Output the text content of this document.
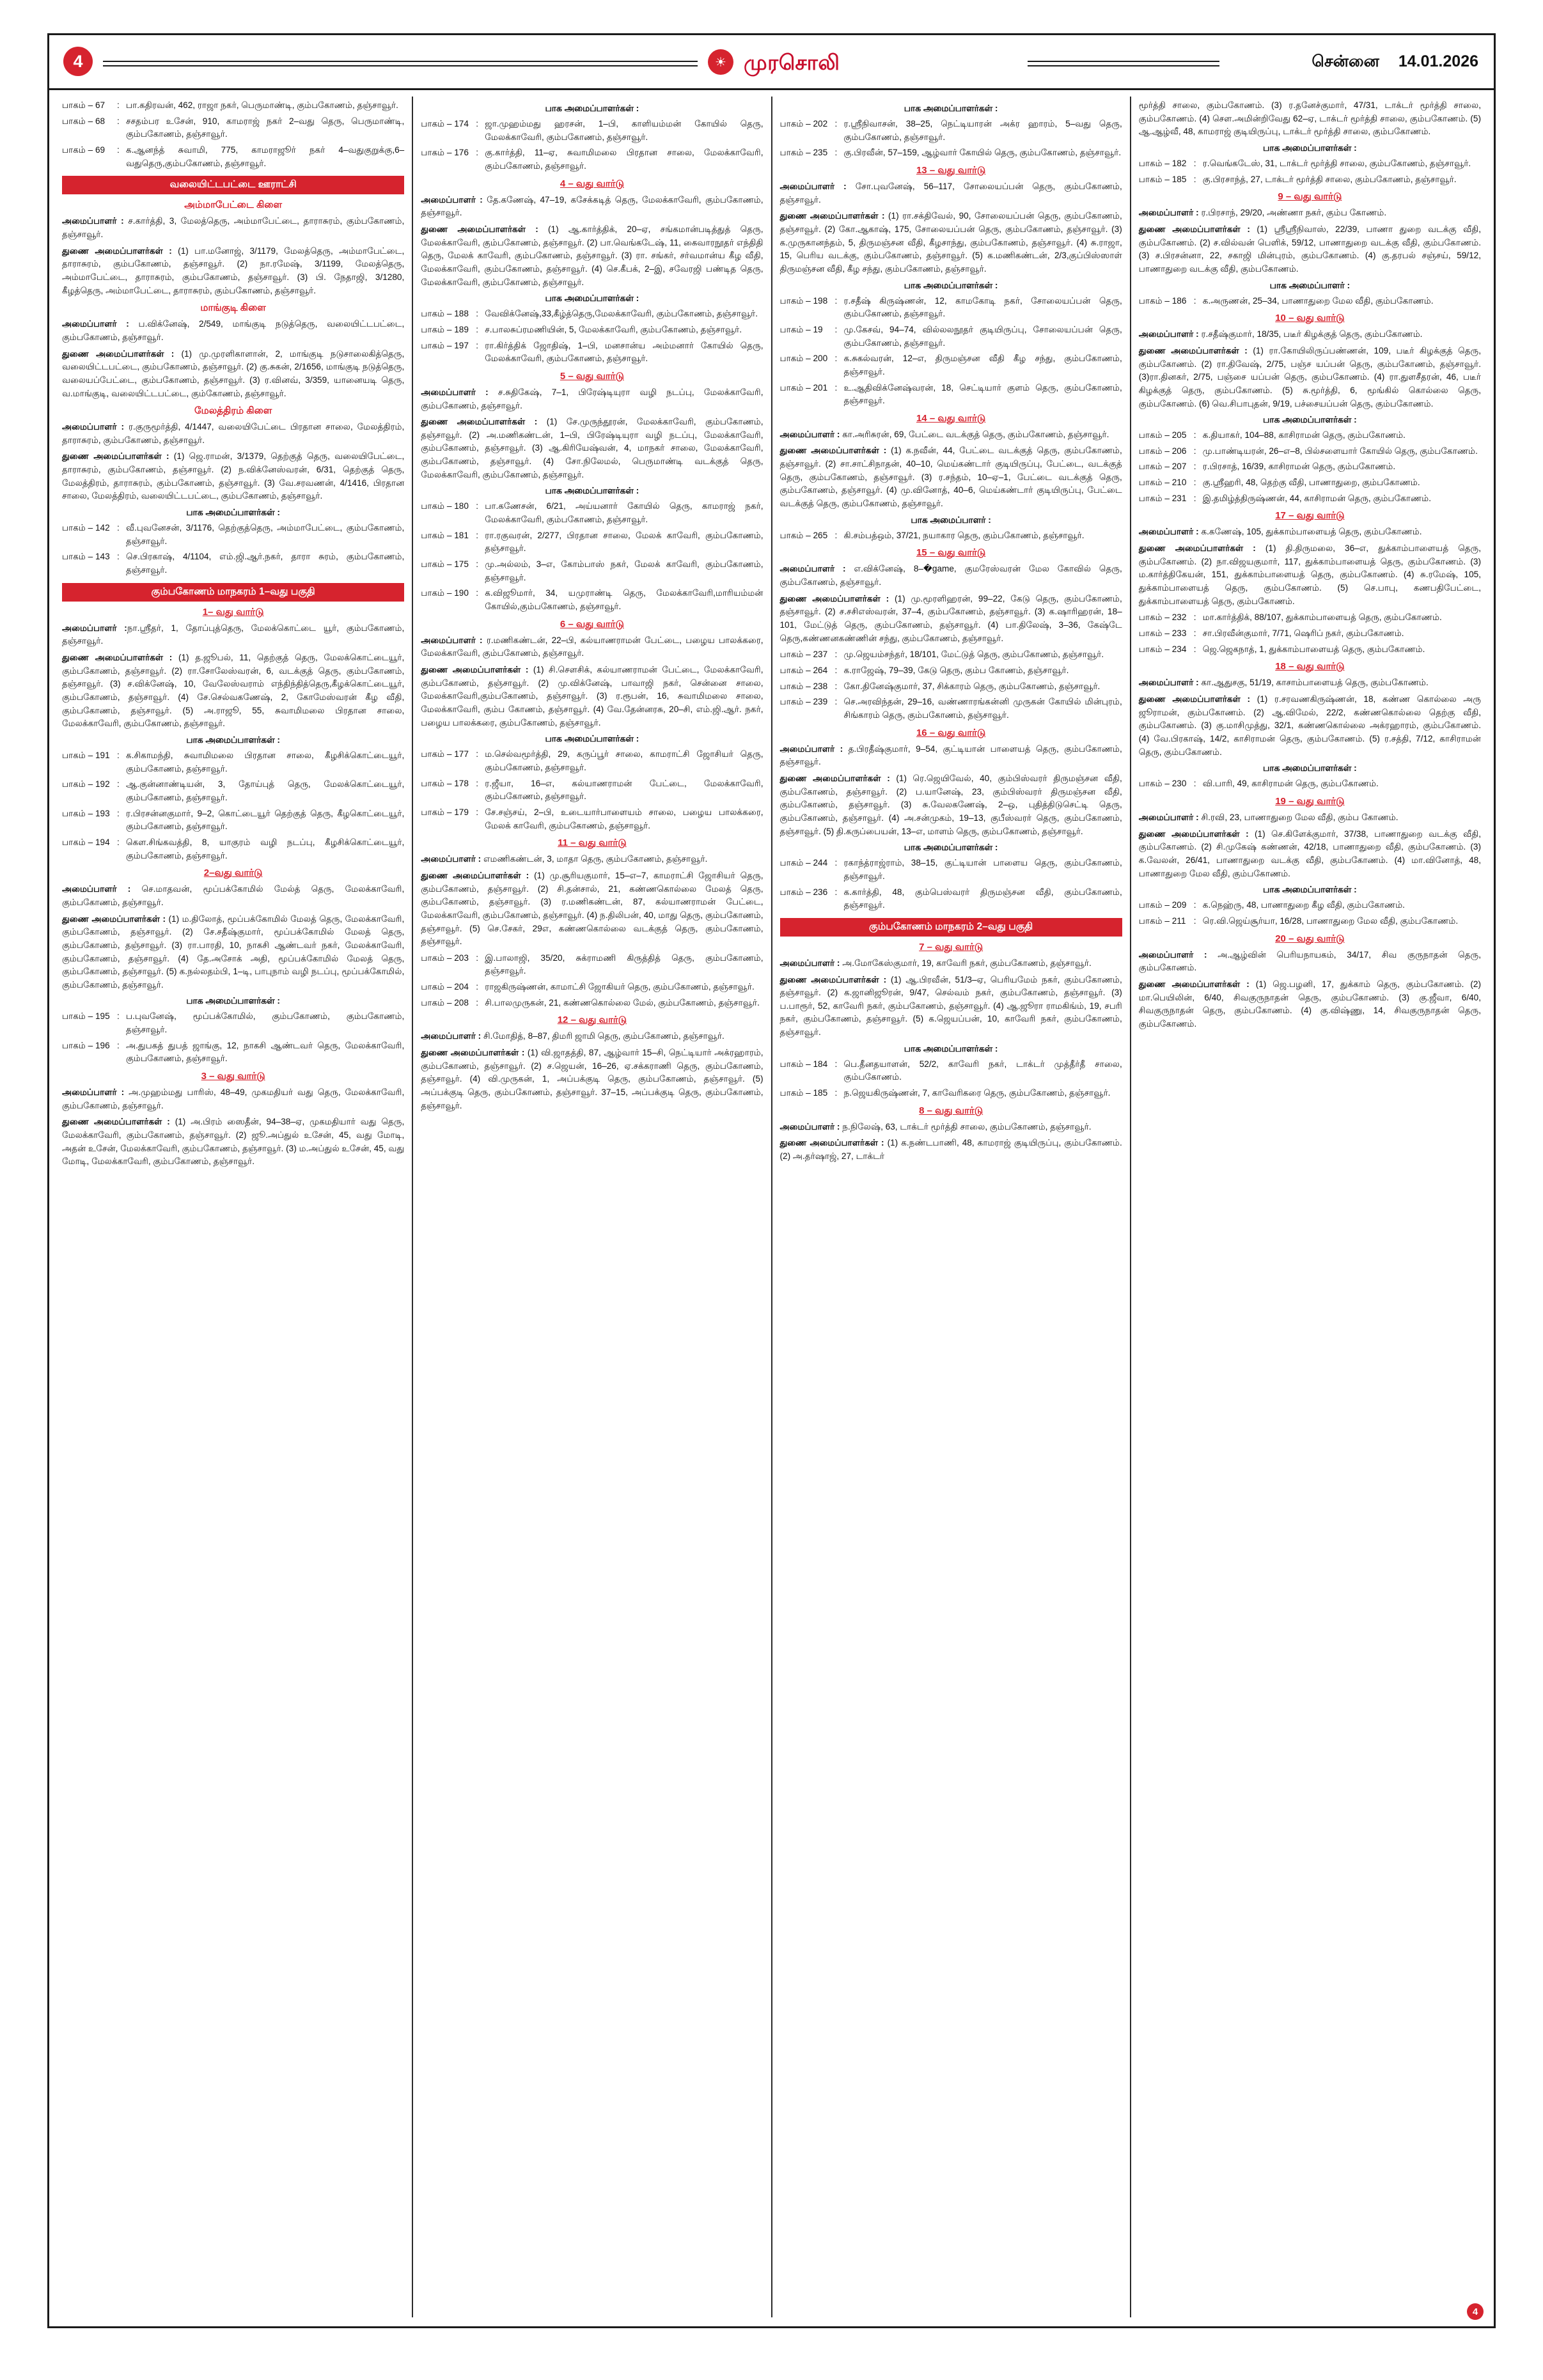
4	☀ முரசொலி	சென்னை 14.01.2026
பாகம் – 67	: பா.கதிரவன், 462, ராஜா நகர், பெருமாண்டி, கும்பகோணம், தஞ்சாவூர்.
பாகம் – 68	: சசதம்பர உசேன், 910, காமராஜ் நகர் 2–வது தெரு, பெருமாண்டி, கும்பகோணம், தஞ்சாவூர்.
பாகம் – 69	: க.ஆனந்த் சுவாமி, 775, காமராஜூர் நகர் 4–வதுகுறுக்கு,6–வதுதெரு,கும்பகோணம், தஞ்சாவூர்.
வலையிட்டபட்டை ஊராட்சி
அம்மாபேட்டை கிளை
அமைப்பாளர் : ச.கார்த்தி, 3, மேலத்தெரு, அம்மாபேட்டை, தாராசுரம், கும்பகோணம், தஞ்சாவூர்.
துணை அமைப்பாளர்கள் : (1) பா.மனோஜ், 3/1179, மேலத்தெரு, அம்மாபேட்டை, தாராசுரம், கும்பகோணம், தஞ்சாவூர். (2) நா.ரமேஷ், 3/1199, மேலத்தெரு, அம்மாபேட்டை, தாராசுரம், கும்பகோணம், தஞ்சாவூர். (3) பி. நேதாஜி, 3/1280, கீழத்தெரு, அம்மாபேட்டை, தாராசுரம், கும்பகோணம், தஞ்சாவூர்.
மாங்குடி கிளை
அமைப்பாளர் : ப.விக்னேஷ், 2/549, மாங்குடி நடுத்தெரு, வலையிட்டபட்டை, கும்பகோணம், தஞ்சாவூர்.
துணை அமைப்பாளர்கள் : (1) மு.முரளிகாளான், 2, மாங்குடி நடுசாலைகித்தெரு, வலையிட்டபட்டை, கும்பகோணம், தஞ்சாவூர். (2) கு.சுகன், 2/1656, மாங்குடி நடுத்தெரு, வலையப்பேட்டை, கும்பகோணம், தஞ்சாவூர். (3) ர.வினவ், 3/359, யானையடி தெரு, வ.மாங்குடி, வலையிட்டபட்டை, கும்கோணம், தஞ்சாவூர்.
மேலத்திரம் கிளை
அமைப்பாளர் : ர.குருமூர்த்தி, 4/1447, வலையிபேட்டை பிரதான சாலை, மேலத்திரம், தாராசுரம், கும்பகோணம், தஞ்சாவூர்.
துணை அமைப்பாளர்கள் : (1) ஜெ.ராமன், 3/1379, தெற்குத் தெரு, வலையிபேட்டை, தாராசுரம், கும்பகோணம், தஞ்சாவூர். (2) ந.விக்னேஸ்வரன், 6/31, தெற்குத் தெரு, மேலத்திரம், தாராசுரம், கும்பகோணம், தஞ்சாவூர். (3) வே.சரவணன், 4/1416, பிரதான சாலை, மேலத்திரம், வலையிட்டபட்டை, கும்பகோணம், தஞ்சாவூர்.
பாக அமைப்பாளர்கள் :
பாகம் – 142 : வீ.புவனேசன், 3/1176, தெற்குத்தெரு, அம்மாபேட்டை, கும்பகோணம், தஞ்சாவூர்.
பாகம் – 143 : செ.பிரகாஷ், 4/1104, எம்.ஜி.ஆர்.நகர், தாரா சுரம், கும்பகோணம், தஞ்சாவூர்.
கும்பகோணம் மாநகரம் 1–வது பகுதி
1– வது வார்டு
அமைப்பாளர் :நா.ஸ்ரீதர், 1, தோப்புத்தெரு, மேலக்கொட்டை யூர், கும்பகோணம், தஞ்சாவூர்.
துணை அமைப்பாளர்கள் : (1) த.ஜூபல், 11, தெற்குத் தெரு, மேலக்கொட்டையூர், கும்பகோணம், தஞ்சாவூர். (2) ரா.சோலேஸ்வரன், 6, வடக்குத் தெரு, கும்பகோணம், தஞ்சாவூர். (3) ச.விக்னேஷ், 10, வேலேஸ்வராம் எந்திந்தித்தெரு,கீழக்கொட்டையூர், கும்பகோணம், தஞ்சாவூர். (4) சே.செல்வகணேஷ், 2, கோமேஸ்வரன் கீழ வீதி, கும்பகோணம், தஞ்சாவூர். (5) அ.ராஜூ, 55, சுவாமிமலை பிரதான சாலை, மேலக்காவேரி, கும்பகோணம், தஞ்சாவூர்.
பாக அமைப்பாளர்கள் :
பாகம் – 191 : க.சிகாமந்தி, சுவாமிமலை பிரதான சாலை, கீழசிக்கொட்டையூர், கும்பகோணம், தஞ்சாவூர்.
பாகம் – 192 : ஆ.குன்னாண்டியன், 3, தோய்புத் தெரு, மேலக்கொட்டையூர், கும்பகோணம், தஞ்சாவூர்.
பாகம் – 193 : ர.பிரசன்னகுமார், 9–2, கொட்டையூர் தெற்குத் தெரு, கீழகொட்டையூர், கும்பகோணம், தஞ்சாவூர்.
பாகம் – 194 : கௌ.சிங்கவத்தி, 8, யாகுரம் வழி நடப்பு, கீழசிக்கொட்டையூர், கும்பகோணம், தஞ்சாவூர்.
2–வது வார்டு
அமைப்பாளர் : செ.மாதவன், மூப்பக்கோமில் மேல்த் தெரு, மேலக்காவேரி, கும்பகோணம், தஞ்சாவூர்.
துணை அமைப்பாளர்கள் : (1) ம.திலோத், மூப்பக்கோமில் மேலத் தெரு, மேலக்காவேரி, கும்பகோணம், தஞ்சாவூர். (2) சே.சதீஷ்குமார், மூப்பக்கோமில் மேலத் தெரு, கும்பகோணம், தஞ்சாவூர். (3) ரா.பாரதி, 10, நாகசி ஆண்டவர் நகர், மேலக்காவேரி, கும்பகோணம், தஞ்சாவூர். (4) தே.அசோக் அதி, மூப்பக்கோமில் மேலத் தெரு, கும்பகோணம், தஞ்சாவூர். (5) க.நல்லதம்பி, 1–டி, பாபுநாம் வழி நடப்பு, மூப்பக்கோமில், கும்பகோணம், தஞ்சாவூர்.
பாக அமைப்பாளர்கள் :
பாகம் – 195 : ப.புவனேஷ், மூப்பக்கோமில், கும்பகோணம், கும்பகோணம், தஞ்சாவூர்.
பாகம் – 196 : அ.துபகத் துபத் ஜாங்கு, 12, நாகசி ஆண்டவர் தெரு, மேலக்காவேரி, கும்பகோணம், தஞ்சாவூர்.
3 – வது வார்டு
அமைப்பாளர் : அ.முஹம்மது பாரிஸ், 48–49, முகமதியர் வது தெரு, மேலக்காவேரி, கும்பகோணம், தஞ்சாவூர்.
துணை அமைப்பாளர்கள் : (1) அ.பிரம் ஸைதீன், 94–38–ஏ, முகமதியார் வது தெரு, மேலக்காவேரி, கும்பகோணம், தஞ்சாவூர். (2) ஜூ.அப்துல் உசேன், 45, வது மோடி, அதன் உசேன், மேலக்காவேரி, கும்பகோணம், தஞ்சாவூர். (3) ம.அப்துல் உசேன், 45, வது மோடி, மேலக்காவேரி, கும்பகோணம், தஞ்சாவூர்.
பாக அமைப்பாளர்கள் :
பாகம் – 174 : ஜா.முஹம்மது ஹரசன், 1–பி, காளியம்மன் கோயில் தெரு, மேலக்காவேரி, கும்பகோணம், தஞ்சாவூர்.
பாகம் – 176 : கு.கார்த்தி, 11–ஏ, சுவாமிமலை பிரதான சாலை, மேலக்காவேரி, கும்பகோணம், தஞ்சாவூர்.
4 – வது வார்டு
அமைப்பாளர் : தே.கணேஷ், 47–19, கசேக்கடித் தெரு, மேலக்காவேரி, கும்பகோணம், தஞ்சாவூர்.
துணை அமைப்பாளர்கள் : (1) ஆ.கார்த்திக், 20–ஏ, சங்கமான்படித்துத் தெரு, மேலக்காவேரி, கும்பகோணம், தஞ்சாவூர். (2) பா.வெங்கடேஷ், 11, கைவாரநூதர் எந்திதி தெரு, மேலக் காவேரி, கும்பகோணம், தஞ்சாவூர். (3) ரா. சங்கர், சர்வமான்ய கீழ வீதி, மேலக்காவேரி, கும்பகோணம், தஞ்சாவூர். (4) செ.கீபக், 2–இ, சவேரஜி பண்டித தெரு, மேலக்காவேரி, கும்பகோணம், தஞ்சாவூர்.
பாக அமைப்பாளர்கள் :
பாகம் – 188 : வேவிக்னேஷ்,33,கீழ்த்தெரு,மேலக்காவேரி, கும்பகோணம், தஞ்சாவூர்.
பாகம் – 189 : ச.பாலசுப்ரமணியின், 5, மேலக்காவேரி, கும்பகோணம், தஞ்சாவூர்.
பாகம் – 197 : ரா.கிர்த்திக் ஜோதிஷ், 1–பி, மனசான்ய அம்மனார் கோயில் தெரு, மேலக்காவேரி, கும்பகோணம், தஞ்சாவூர்.
5 – வது வார்டு
அமைப்பாளர் : ச.சுதிகேஷ், 7–1, பிரேஷ்டியுரா வழி நடப்பு, மேலக்காவேரி, கும்பகோணம், தஞ்சாவூர்.
துணை அமைப்பாளர்கள் : (1) சே.முருந்தூரன், மேலக்காவேரி, கும்பகோணம், தஞ்சாவூர். (2) அ.மணிகண்டன், 1–பி, பிரேஷ்டியுரா வழி நடப்பு, மேலக்காவேரி, கும்பகோணம், தஞ்சாவூர். (3) ஆ.கிரியேஷ்வன், 4, மாநகர் சாலை, மேலக்காவேரி, கும்பகோணம், தஞ்சாவூர். (4) சோ.நிலேமல், பெருமாண்டி வடக்குத் தெரு, மேலக்காவேரி, கும்பகோணம், தஞ்சாவூர்.
பாக அமைப்பாளர்கள் :
பாகம் – 180 : பா.கணேசன், 6/21, அய்யனார் கோயில் தெரு, காமராஜ் நகர், மேலக்காவேரி, கும்பகோணம், தஞ்சாவூர்.
பாகம் – 181 : ரா.ரகுவரன், 2/277, பிரதான சாலை, மேலக் காவேரி, கும்பகோணம், தஞ்சாவூர்.
பாகம் – 175 : மு.அல்லம், 3–எ, கோம்பாஸ் நகர், மேலக் காவேரி, கும்பகோணம், தஞ்சாவூர்.
பாகம் – 190 : க.விஜூமார், 34, யமுராண்டி தெரு, மேலக்காவேரி,மாரியம்மன் கோயில்,கும்பகோணம், தஞ்சாவூர்.
6 – வது வார்டு
அமைப்பாளர் : ர.மணிகண்டன், 22–பி, கல்யாணராமன் பேட்டை, பழைய பாலக்கரை, மேலக்காவேரி, கும்பகோணம், தஞ்சாவூர்.
துணை அமைப்பாளர்கள் : (1) சி.செளசிக், கல்யாணராமன் பேட்டை, மேலக்காவேரி, கும்பகோணம், தஞ்சாவூர். (2) மு.விக்னேஷ், பாவாஜி நகர், சென்னை சாலை, மேலக்காவேரி,கும்பகோணம், தஞ்சாவூர். (3) ர.ரூபன், 16, சுவாமிமலை சாலை, மேலக்காவேரி, கும்ப கோணம், தஞ்சாவூர். (4) வே.தேன்னரசு, 20–சி, எம்.ஜி.ஆர். நகர், பழைய பாலக்கரை, கும்பகோணம், தஞ்சாவூர்.
பாக அமைப்பாளர்கள் :
பாகம் – 177 : ம.செல்வமூர்த்தி, 29, கருப்பூர் சாலை, காமராட்சி ஜோசியர் தெரு, கும்பகோணம், தஞ்சாவூர்.
பாகம் – 178 : ர.ஜீயா, 16–எ, கல்யாணராமன் பேட்டை, மேலக்காவேரி, கும்பகோணம், தஞ்சாவூர்.
பாகம் – 179 : சே.சஞ்சய், 2–பி, உடையார்பாளையம் சாலை, பழைய பாலக்கரை, மேலக் காவேரி, கும்பகோணம், தஞ்சாவூர்.
11 – வது வார்டு
அமைப்பாளர் : எமணிகண்டன், 3, மாதா தெரு, கும்பகோணம், தஞ்சாவூர்.
துணை அமைப்பாளர்கள் : (1) மு.சூரியகுமார், 15–எ–7, காமராட்சி ஜோசியர் தெரு, கும்பகோணம், தஞ்சாவூர். (2) சி.தன்சால், 21, கண்ணகொல்லை மேலத் தெரு, கும்பகோணம், தஞ்சாவூர். (3) ர.மணிகண்டன், 87, கல்யாணராமன் பேட்டை, மேலக்காவேரி, கும்பகோணம், தஞ்சாவூர். (4) ந.திலிபன், 40, மாது தெரு, கும்பகோணம், தஞ்சாவூர். (5) செ.சேகர், 29எ, கண்ணகொல்லை வடக்குத் தெரு, கும்பகோணம், தஞ்சாவூர்.
பாகம் – 203 : இ.பாலாஜி, 35/20, சுக்ராமணி கிருத்தித் தெரு, கும்பகோணம், தஞ்சாவூர்.
பாகம் – 204 : ராஜகிருஷ்ணன், காமாட்சி ஜோகியர் தெரு, கும்பகோணம், தஞ்சாவூர்.
பாகம் – 208 : சி.பாலமுருகன், 21, கண்ணகொல்லை மேல், கும்பகோணம், தஞ்சாவூர்.
12 – வது வார்டு
அமைப்பாளர் : சி.மோதித், 8–87, திமரி ஜாமி தெரு, கும்பகோணம், தஞ்சாவூர்.
துணை அமைப்பாளர்கள் : (1) வி.ஜாதத்தி, 87, ஆழ்வார் 15–சி, நெட்டியார் அக்ரஹாரம், கும்பகோணம், தஞ்சாவூர். (2) ச.ஜெயன், 16–26, ஏ.சக்கராணி தெரு, கும்பகோணம், தஞ்சாவூர். (4) வி.முருகன், 1, அப்பக்குடி தெரு, கும்பகோணம், தஞ்சாவூர். (5) அப்பக்குடி தெரு, கும்பகோணம், தஞ்சாவூர். 37–15, அப்பக்குடி தெரு, கும்பகோணம், தஞ்சாவூர்.
பாக அமைப்பாளர்கள் :
பாகம் – 202 : ர.ஸ்ரீநிவாசன், 38–25, நெட்டியாரன் அக்ர ஹாரம், 5–வது தெரு, கும்பகோணம், தஞ்சாவூர்.
பாகம் – 235 : கு.பிரவீன், 57–159, ஆழ்வார் கோயில் தெரு, கும்பகோணம், தஞ்சாவூர்.
13 – வது வார்டு
அமைப்பாளர் : சோ.புவனேஷ், 56–117, சோலையப்பன் தெரு, கும்பகோணம், தஞ்சாவூர்.
துணை அமைப்பாளர்கள் : (1) ரா.சக்திவேல், 90, சோலையப்பன் தெரு, கும்பகோணம், தஞ்சாவூர். (2) கோ.ஆகாஷ், 175, சோலையப்பன் தெரு, கும்பகோணம், தஞ்சாவூர். (3) க.முருகானந்தம், 5, திருமஞ்சன வீதி, கீழசாந்து, கும்பகோணம், தஞ்சாவூர். (4) சு.ராஜா, 15, பெரிய வடக்கு, கும்பகோணம், தஞ்சாவூர். (5) க.மணிகண்டன், 2/3,குப்பிஸ்ஸாள் திருமஞ்சன வீதி, கீழ சந்து, கும்பகோணம், தஞ்சாவூர்.
பாக அமைப்பாளர்கள் :
பாகம் – 198 : ர.சதீஷ் கிருஷ்ணன், 12, காமகோடி நகர், சோலையப்பன் தெரு, கும்பகோணம், தஞ்சாவூர்.
பாகம் – 19	: மு.கேசவ், 94–74, வில்லலநூதர் குடியிருப்பு, சோலையப்பன் தெரு, கும்பகோணம், தஞ்சாவூர்.
பாகம் – 200 : க.சுகல்வரன், 12–எ, திருமஞ்சன வீதி கீழ சந்து, கும்பகோணம், தஞ்சாவூர்.
பாகம் – 201 : உ.ஆதிவிக்னேஷ்வரன், 18, செட்டியார் குளம் தெரு, கும்பகோணம், தஞ்சாவூர்.
14 – வது வார்டு
அமைப்பாளர் : கா.அரிசுரன், 69, பேட்டை வடக்குத் தெரு, கும்பகோணம், தஞ்சாவூர்.
துணை அமைப்பாளர்கள் : (1) க.நவீன், 44, பேட்டை வடக்குத் தெரு, கும்பகோணம், தஞ்சாவூர். (2) சா.சாட்சிநாதன், 40–10, மெய்கண்டார் குடியிருப்பு, பேட்டை, வடக்குத் தெரு, கும்பகோணம், தஞ்சாவூர். (3) ர.சந்தம், 10–ஏ–1, பேட்டை வடக்குத் தெரு, கும்பகோணம், தஞ்சாவூர். (4) மு.வினோத், 40–6, மெய்கண்டார் குடியிருப்பு, பேட்டை வடக்குத் தெரு, கும்பகோணம், தஞ்சாவூர்.
பாக அமைப்பாளர் :
பாகம் – 265 : கி.சம்பத்ஒம், 37/21, நயாகார தெரு, கும்பகோணம், தஞ்சாவூர்.
15 – வது வார்டு
அமைப்பாளர் : எ.விக்னேஷ், 8–�game, குமரேஸ்வரன் மேல கோவில் தெரு, கும்பகோணம், தஞ்சாவூர்.
துணை அமைப்பாளர்கள் : (1) மு.மூரளிஹரன், 99–22, கேடு தெரு, கும்பகோணம், தஞ்சாவூர். (2) ச.சசிஎஸ்வரன், 37–4, கும்பகோணம், தஞ்சாவூர். (3) க.ஷாரிஹரன், 18–101, மேட்டுத் தெரு, கும்பகோணம், தஞ்சாவூர். (4) பா.திலேஷ், 3–36, கேஷ்டே தெரு,கண்ணனகண்ணின் சந்து, கும்பகோணம், தஞ்சாவூர்.
பாகம் – 237 : மு.ஜெயம்சந்தர், 18/101, மேட்டுத் தெரு, கும்பகோணம், தஞ்சாவூர்.
பாகம் – 264 : க.ராஜேஷ், 79–39, கேடு தெரு, கும்ப கோணம், தஞ்சாவூர்.
பாகம் – 238 : கோ.தினேஷ்குமார், 37, சிக்காரம் தெரு, கும்பகோணம், தஞ்சாவூர்.
பாகம் – 239 : செ.அரவிந்தன், 29–16, வண்ணாரங்கன்னி முருகன் கோயில் மின்புரம், சிங்காரம் தெரு, கும்பகோணம், தஞ்சாவூர்.
16 – வது வார்டு
அமைப்பாளர் : த.பிரதீஷ்குமார், 9–54, குட்டியான் பாளையத் தெரு, கும்பகோணம், தஞ்சாவூர்.
துணை அமைப்பாளர்கள் : (1) ரெ.ஜெயிவேல், 40, கும்பிஸ்வரர் திருமஞ்சன வீதி, கும்பகோணம், தஞ்சாவூர். (2) ப.யானேஷ், 23, கும்பிஸ்வரர் திருமஞ்சன வீதி, கும்பகோணம், தஞ்சாவூர். (3) சு.வேலகணேஷ், 2–ஒ, புதித்திடுசெட்டி தெரு, கும்பகோணம், தஞ்சாவூர். (4) அ.சன்முகம், 19–13, குபீஸ்வரர் தெரு, கும்பகோணம், தஞ்சாவூர். (5) தி.கருப்பையன், 13–எ, மாளம் தெரு, கும்பகோணம், தஞ்சாவூர்.
பாக அமைப்பாளர்கள் :
பாகம் – 244 : ரகாந்த்ராஜ்ராம், 38–15, குட்டியான் பாளைய தெரு, கும்பகோணம், தஞ்சாவூர்.
பாகம் – 236 : க.கார்த்தி, 48, கும்பெஸ்வரர் திருமஞ்சன வீதி, கும்பகோணம், தஞ்சாவூர்.
கும்பகோணம் மாநகரம் 2–வது பகுதி
7 – வது வார்டு
அமைப்பாளர் : அ.மோகேஸ்குமார், 19, காவேரி நகர், கும்பகோணம், தஞ்சாவூர்.
துணை அமைப்பாளர்கள் : (1) ஆ.பிரவீன், 51/3–ஏ, பெரியமேம் நகர், கும்பகோணம், தஞ்சாவூர். (2) க.ஜானிஜூரன், 9/47, செல்வம் நகர், கும்பகோணம், தஞ்சாவூர். (3) ப.பாரூர், 52, காவேரி நகர், கும்பகோணம், தஞ்சாவூர். (4) ஆ.ஜூரா ராமகிங்ம், 19, சபரி நகர், கும்பகோணம், தஞ்சாவூர். (5) க.ஜெயப்பன், 10, காவேரி நகர், கும்பகோணம், தஞ்சாவூர்.
பாக அமைப்பாளர்கள் :
பாகம் – 184 : பெ.தீனதயாளன், 52/2, காவேரி நகர், டாக்டர் முத்தீர்தீ சாலை, கும்பகோணம்.
பாகம் – 185 : ந.ஜெயகிருஷ்ணன், 7, காவேரிகரை தெரு, கும்பகோணம், தஞ்சாவூர்.
8 – வது வார்டு
அமைப்பாளர் : ந.நிலேஷ், 63, டாக்டர் மூர்த்தி சாலை, கும்பகோணம், தஞ்சாவூர்.
துணை அமைப்பாளர்கள் : (1) க.நண்டபாணி, 48, காமராஜ் குடியிருப்பு, கும்பகோணம். (2) அ.தர்ஷாஜ், 27, டாக்டர்
மூர்த்தி சாலை, கும்பகோணம். (3) ர.தனேச்குமார், 47/31, டாக்டர் மூர்த்தி சாலை, கும்பகோணம். (4) செள.அமின்றிவேது 62–ஏ, டாக்டர் மூர்த்தி சாலை, கும்பகோணம். (5) ஆ.ஆழ்வீ, 48, காமராஜ் குடியிருப்பு, டாக்டர் மூர்த்தி சாலை, கும்பகோணம்.
பாக அமைப்பாளர்கள் :
பாகம் – 182 : ர.வெங்கடேஸ், 31, டாக்டர் மூர்த்தி சாலை, கும்பகோணம், தஞ்சாவூர்.
பாகம் – 185 : கு.பிரசாந்த், 27, டாக்டர் மூர்த்தி சாலை, கும்பகோணம், தஞ்சாவூர்.
9 – வது வார்டு
அமைப்பாளர் : ர.பிரசாந், 29/20, அண்ணா நகர், கும்ப கோணம்.
துணை அமைப்பாளர்கள் : (1) ஸ்ரீஸ்ரீநிவாஸ், 22/39, பாணா துறை வடக்கு வீதி, கும்பகோணம். (2) ச.வில்வன் பெளிக், 59/12, பாணாதுறை வடக்கு வீதி, கும்பகோணம். (3) ச.பிரசன்னா, 22, சகாஜி மின்புரம், கும்பகோணம். (4) கு.தரபல் சஞ்சய், 59/12, பாணாதுறை வடக்கு வீதி, கும்பகோணம்.
பாக அமைப்பாளர் :
பாகம் – 186 : க.அருணன், 25–34, பாணாதுறை மேல வீதி, கும்பகோணம்.
10 – வது வார்டு
அமைப்பாளர் : ர.சதீஷ்குமார், 18/35, படீர் கிழக்குத் தெரு, கும்பகோணம்.
துணை அமைப்பாளர்கள் : (1) ரா.கோயிலிருப்பண்ணன், 109, படீர் கிழக்குத் தெரு, கும்பகோணம். (2) ரா.திவேஷ், 2/75, பஞ்ச யப்பன் தெரு, கும்பகோணம், தஞ்சாவூர். (3)ரா.தினகர், 2/75, பஞ்சை யப்பன் தெரு, கும்பகோணம். (4) ரா.துளசீதரன், 46, படீர் கிழக்குத் தெரு, கும்பகோணம். (5) சு.மூர்த்தி, 6, மூங்கில் கொல்லை தெரு, கும்பகோணம். (6) வெ.சிபாபுதன், 9/19, பச்சையப்பன் தெரு, கும்பகோணம்.
பாக அமைப்பாளர்கள் :
பாகம் – 205 : க.தியாகர், 104–88, காசிராமன் தெரு, கும்பகோணம்.
பாகம் – 206 : மு.பாண்டியரன், 26–எ–8, பில்சளையார் கோயில் தெரு, கும்பகோணம்.
பாகம் – 207 : ர.பிரசாத், 16/39, காசிராமன் தெரு, கும்பகோணம்.
பாகம் – 210 : கு.ஸ்ரீஹரி, 48, தெற்கு வீதி, பாணாதுறை, கும்பகோணம்.
பாகம் – 231 : இ.தமிழ்த்திருஷ்ணன், 44, காசிராமன் தெரு, கும்பகோணம்.
17 – வது வார்டு
அமைப்பாளர் : க.கணேஷ், 105, துக்காம்பாளையத் தெரு, கும்பகோணம்.
துணை அமைப்பாளர்கள் : (1) தி.திருமலை, 36–எ, துக்காம்பாளையத் தெரு, கும்பகோணம். (2) நா.விஜயகுமார், 117, துக்காம்பாளையத் தெரு, கும்பகோணம். (3) ம.கார்த்திகேயன், 151, துக்காம்பாளையத் தெரு, கும்பகோணம். (4) சு.ரமேஷ், 105, துக்காம்பாளையத் தெரு, கும்பகோணம். (5) செ.பாபு, கணபதிபேட்டை, துக்காம்பாளையத் தெரு, கும்பகோணம்.
பாகம் – 232 : மா.கார்த்திக், 88/107, துக்காம்பாளையத் தெரு, கும்பகோணம்.
பாகம் – 233 : சா.பிரவீன்குமார், 7/71, ஷெரிப் நகர், கும்பகோணம்.
பாகம் – 234 : ஜெ.ஜெகநாத், 1, துக்காம்பாளையத் தெரு, கும்பகோணம்.
18 – வது வார்டு
அமைப்பாளர் : கா.ஆதுசகு, 51/19, காசாம்பாளையத் தெரு, கும்பகோணம்.
துணை அமைப்பாளர்கள் : (1) ர.சரவணகிருஷ்ணன், 18, கண்ண கொல்லை அரு ஜூராமன், கும்பகோணம். (2) ஆ.விமேல், 22/2, கண்ணகொல்லை தெற்கு வீதி, கும்பகோணம். (3) கு.மாசிமுத்து, 32/1, கண்ணகொல்லை அக்ரஹாரம், கும்பகோணம். (4) வே.பிரகாஷ், 14/2, காசிராமன் தெரு, கும்பகோணம். (5) ர.சத்தி, 7/12, காசிராமன் தெரு, கும்பகோணம்.
பாக அமைப்பாளர்கள் :
பாகம் – 230 : வி.பாரி, 49, காசிராமன் தெரு, கும்பகோணம்.
19 – வது வார்டு
அமைப்பாளர் : சி.ரவி, 23, பாணாதுறை மேல வீதி, கும்ப கோணம்.
துணை அமைப்பாளர்கள் : (1) செ.கிளேக்குமார், 37/38, பாணாதுறை வடக்கு வீதி, கும்பகோணம். (2) சி.முகேஷ் கண்ணன், 42/18, பாணாதுறை வீதி, கும்பகோணம். (3) க.வேலன், 26/41, பாணாதுறை வடக்கு வீதி, கும்பகோணம். (4) மா.வினோத், 48, பாணாதுறை மேல வீதி, கும்பகோணம்.
பாக அமைப்பாளர்கள் :
பாகம் – 209 : க.நெஹ்ரு, 48, பாணாதுறை கீழ வீதி, கும்பகோணம்.
பாகம் – 211 : ரெ.வி.ஜெய்சூர்யா, 16/28, பாணாதுறை மேல வீதி, கும்பகோணம்.
20 – வது வார்டு
அமைப்பாளர் : அ.ஆழ்வின் பெரியநாயகம், 34/17, சிவ குருநாதன் தெரு, கும்பகோணம்.
துணை அமைப்பாளர்கள் : (1) ஜெ.பழனி, 17, துக்காம் தெரு, கும்பகோணம். (2) மா.பெயிலின், 6/40, சிவகுருநாதன் தெரு, கும்பகோணம். (3) கு.ஜீவா, 6/40, சிவகுருநாதன் தெரு, கும்பகோணம். (4) கு.விஷ்ணு, 14, சிவகுருநாதன் தெரு, கும்பகோணம்.
4
